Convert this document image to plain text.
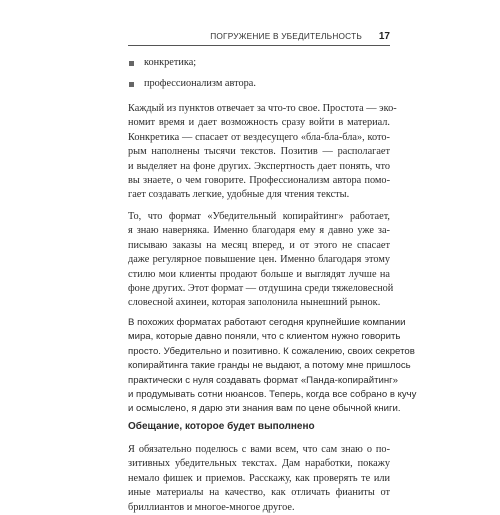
ПОГРУЖЕНИЕ В УБЕДИТЕЛЬНОСТЬ 17
конкретика;
профессионализм автора.
Каждый из пунктов отвечает за что-то свое. Простота — эко-
номит время и дает возможность сразу войти в материал.
Конкретика — спасает от вездесущего «бла-бла-бла», кото-
рым наполнены тысячи текстов. Позитив — располагает
и выделяет на фоне других. Экспертность дает понять, что
вы знаете, о чем говорите. Профессионализм автора помо-
гает создавать легкие, удобные для чтения тексты.
То, что формат «Убедительный копирайтинг» работает,
я знаю наверняка. Именно благодаря ему я давно уже за-
писываю заказы на месяц вперед, и от этого не спасает
даже регулярное повышение цен. Именно благодаря этому
стилю мои клиенты продают больше и выглядят лучше на
фоне других. Этот формат — отдушина среди тяжеловесной
словесной ахинеи, которая заполонила нынешний рынок.
В похожих форматах работают сегодня крупнейшие компании
мира, которые давно поняли, что с клиентом нужно говорить
просто. Убедительно и позитивно. К сожалению, своих секретов
копирайтинга такие гранды не выдают, а потому мне пришлось
практически с нуля создавать формат «Панда-копирайтинг»
и продумывать сотни нюансов. Теперь, когда все собрано в кучу
и осмыслено, я дарю эти знания вам по цене обычной книги.
Обещание, которое будет выполнено
Я обязательно поделюсь с вами всем, что сам знаю о по-
зитивных убедительных текстах. Дам наработки, покажу
немало фишек и приемов. Расскажу, как проверять те или
иные материалы на качество, как отличать фианиты от
бриллиантов и многое-многое другое.
